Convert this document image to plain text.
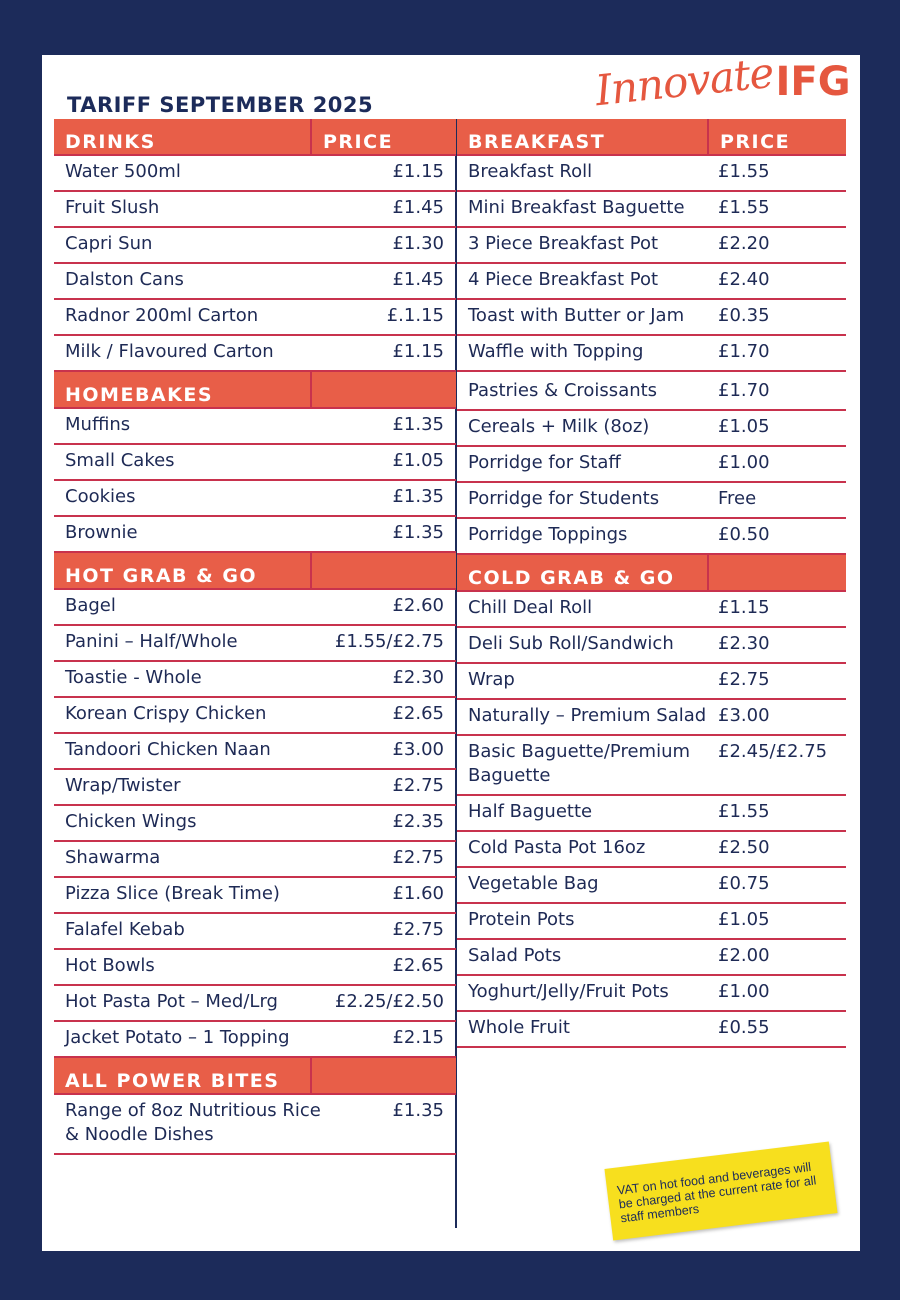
TARIFF SEPTEMBER 2025	InnovateIFG
DRINKS	PRICE
Water 500ml	£1.15
Fruit Slush	£1.45
Capri Sun	£1.30
Dalston Cans	£1.45
Radnor 200ml Carton	£.1.15
Milk / Flavoured Carton	£1.15
HOMEBAKES

Muffins	£1.35
Small Cakes	£1.05
Cookies	£1.35
Brownie	£1.35
HOT GRAB & GO

Bagel	£2.60
Panini – Half/Whole	£1.55/£2.75
Toastie - Whole	£2.30
Korean Crispy Chicken	£2.65
Tandoori Chicken Naan	£3.00
Wrap/Twister	£2.75
Chicken Wings	£2.35
Shawarma	£2.75
Pizza Slice (Break Time)	£1.60
Falafel Kebab	£2.75
Hot Bowls	£2.65
Hot Pasta Pot – Med/Lrg	£2.25/£2.50
Jacket Potato – 1 Topping	£2.15
ALL POWER BITES

Range of 8oz Nutritious Rice & Noodle Dishes
£1.35
BREAKFAST	PRICE
Breakfast Roll	£1.55
Mini Breakfast Baguette	£1.55
3 Piece Breakfast Pot	£2.20
4 Piece Breakfast Pot	£2.40
Toast with Butter or Jam	£0.35
Waffle with Topping	£1.70
Pastries & Croissants	£1.70
Cereals + Milk (8oz)	£1.05
Porridge for Staff	£1.00
Porridge for Students	Free
Porridge Toppings	£0.50
COLD GRAB & GO

Chill Deal Roll	£1.15
Deli Sub Roll/Sandwich	£2.30
Wrap	£2.75
Naturally – Premium Salad £3.00
Basic Baguette/Premium Baguette
£2.45/£2.75
Half Baguette	£1.55
Cold Pasta Pot 16oz	£2.50
Vegetable Bag	£0.75
Protein Pots	£1.05
Salad Pots	£2.00
Yoghurt/Jelly/Fruit Pots	£1.00
Whole Fruit	£0.55
VAT on hot food and beverages will be charged at the current rate for all staff members
